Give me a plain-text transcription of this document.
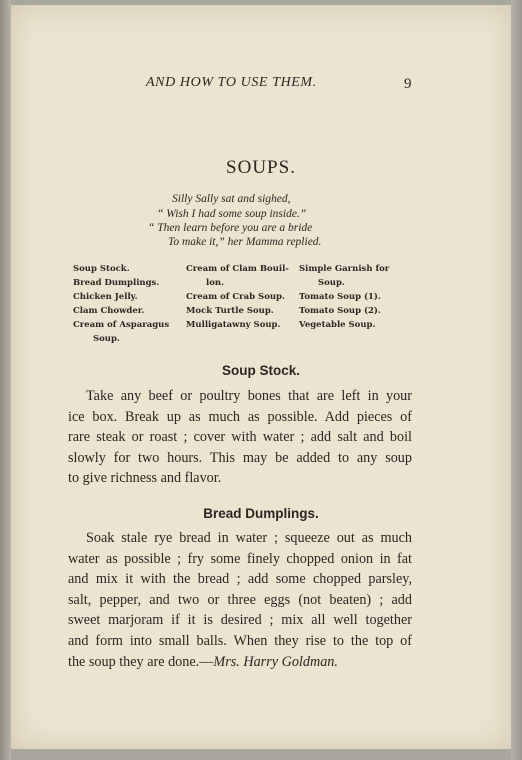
AND HOW TO USE THEM.	9
SOUPS.
Silly Sally sat and sighed,
“ Wish I had some soup inside.”
“ Then learn before you are a bride
To make it,” her Mamma replied.
Soup Stock.
Bread Dumplings.
Chicken Jelly.
Clam Chowder.
Cream of Asparagus
Soup.
Cream of Clam Bouil-
lon.
Cream of Crab Soup.
Mock Turtle Soup.
Mulligatawny Soup.
Simple Garnish for
Soup.
Tomato Soup (1).
Tomato Soup (2).
Vegetable Soup.
Soup Stock.
Take any beef or poultry bones that are left in your
ice box. Break up as much as possible. Add pieces of
rare steak or roast ; cover with water ; add salt and boil
slowly for two hours. This may be added to any soup
to give richness and flavor.
Bread Dumplings.
Soak stale rye bread in water ; squeeze out as much
water as possible ; fry some finely chopped onion in fat
and mix it with the bread ; add some chopped parsley,
salt, pepper, and two or three eggs (not beaten) ; add
sweet marjoram if it is desired ; mix all well together
and form into small balls. When they rise to the top of
the soup they are done.—Mrs. Harry Goldman.
